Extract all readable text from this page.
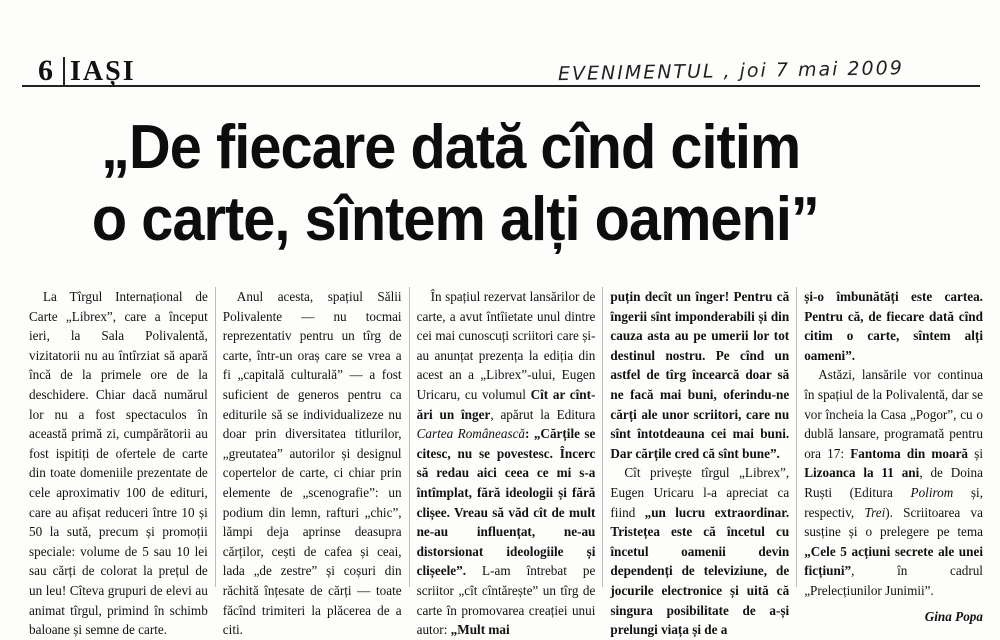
6 IAȘI	EVENIMENTUL , joi 7 mai 2009
„De fiecare dată cînd citim
o carte, sîntem alți oameni”

La Tîrgul Internațional de Carte „Librex”, care a început ieri, la Sala Polivalentă, vizitatorii nu au întîrziat să apară încă de la primele ore de la deschidere. Chiar dacă numărul lor nu a fost spectaculos în această primă zi, cumpărătorii au fost ispitiți de ofertele de carte din toate domeniile prezentate de cele aproximativ 100 de edituri, care au afișat reduceri între 10 și 50 la sută, precum și promoții speciale: volume de 5 sau 10 lei sau cărți de colorat la prețul de un leu! Cîteva grupuri de elevi au animat tîrgul, primind în schimb baloane și semne de carte.

Anul acesta, spațiul Sălii Polivalente — nu tocmai reprezentativ pentru un tîrg de carte, într-un oraș care se vrea a fi „capitală culturală” — a fost suficient de generos pentru ca editurile să se individualizeze nu doar prin diversitatea titlurilor, „greutatea” autorilor și designul copertelor de carte, ci chiar prin elemente de „scenografie”: un podium din lemn, rafturi „chic”, lămpi deja aprinse deasupra cărților, cești de cafea și ceai, lada „de zestre” și coșuri din răchită înțesate de cărți — toate făcînd trimiteri la plăcerea de a citi.

În spațiul rezervat lansărilor de carte, a avut întîietate unul dintre cei mai cunoscuți scriitori care și-au anunțat prezența la ediția din acest an a „Librex”-ului, Eugen Uricaru, cu volumul Cît ar cîntări un înger, apărut la Editura Cartea Românească: „Cărțile se citesc, nu se povestesc. Încerc să redau aici ceea ce mi s-a întîmplat, fără ideologii și fără clișee. Vreau să văd cît de mult ne-au influențat, ne-au distorsionat ideologiile și clișeele”. L-am întrebat pe scriitor „cît cîntărește” un tîrg de carte în promovarea creației unui autor: „Mult mai

puțin decît un înger! Pentru că îngerii sînt imponderabili și din cauza asta au pe umerii lor tot destinul nostru. Pe cînd un astfel de tîrg încearcă doar să ne facă mai buni, oferindu-ne cărți ale unor scriitori, care nu sînt întotdeauna cei mai buni. Dar cărțile cred că sînt bune”.

Cît privește tîrgul „Librex”, Eugen Uricaru l-a apreciat ca fiind „un lucru extraordinar. Tristețea este că încetul cu încetul oamenii devin dependenți de televiziune, de jocurile electronice și uită că singura posibilitate de a-și prelungi viața și de a

și-o îmbunătăți este cartea. Pentru că, de fiecare dată cînd citim o carte, sîntem alți oameni”.

Astăzi, lansările vor continua în spațiul de la Polivalentă, dar se vor încheia la Casa „Pogor”, cu o dublă lansare, programată pentru ora 17: Fantoma din moară și Lizoanca la 11 ani, de Doina Ruști (Editura Polirom și, respectiv, Trei). Scriitoarea va susține și o prelegere pe tema „Cele 5 acțiuni secrete ale unei ficțiuni”, în cadrul „Prelecțiunilor Junimii”.

Gina Popa
